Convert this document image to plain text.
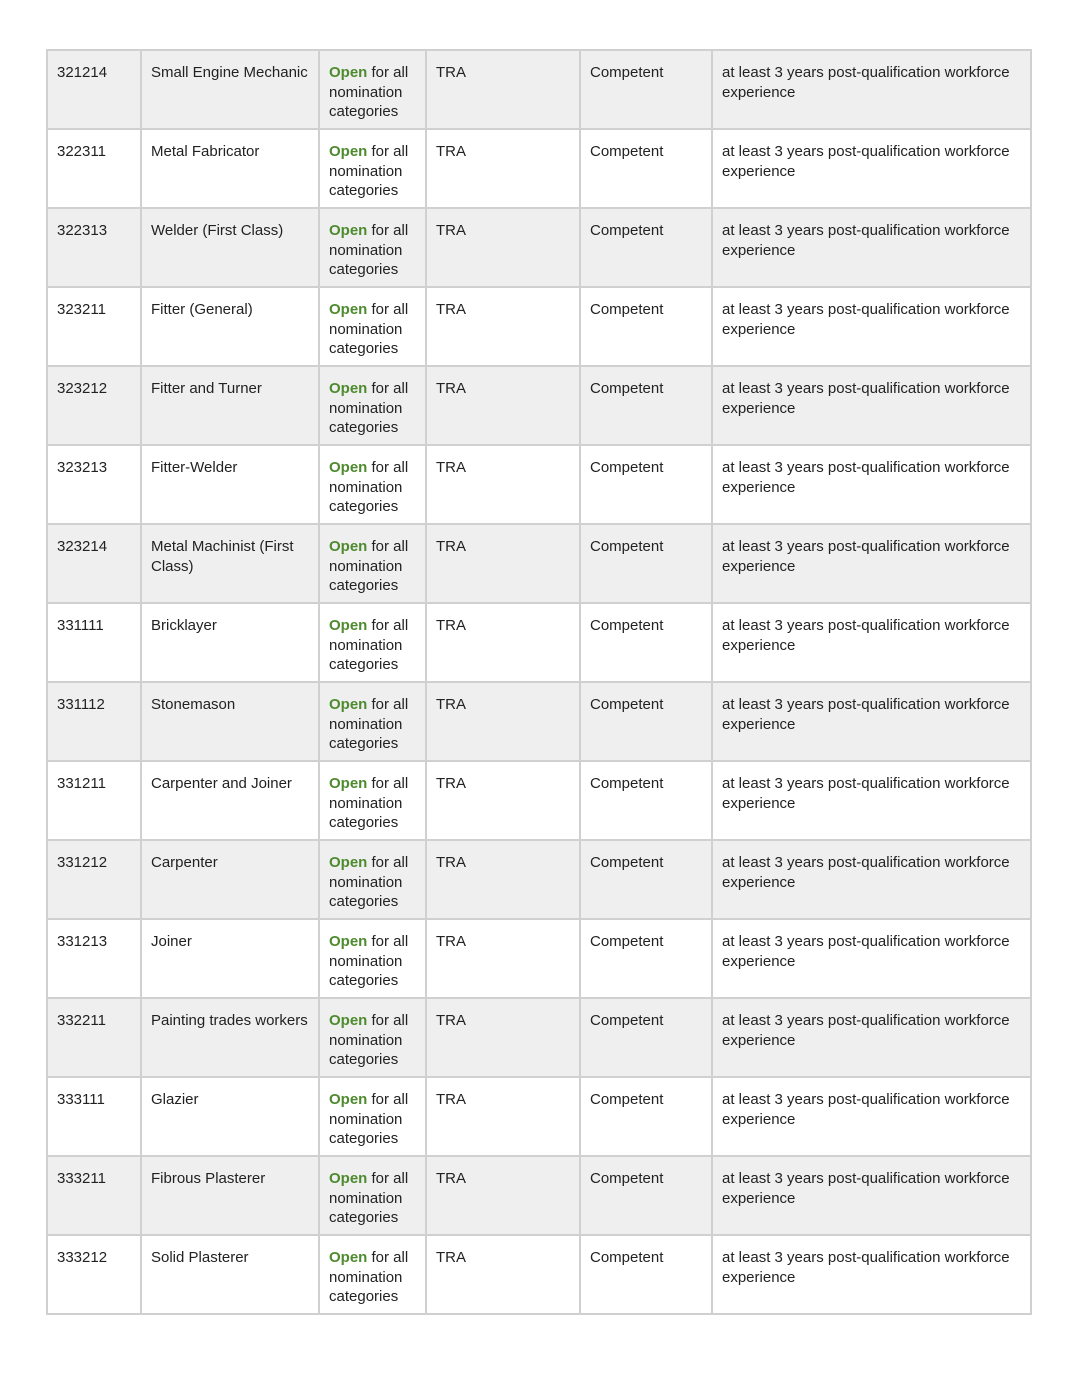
321214	Small Engine Mechanic	Open for all nomination categories	TRA	Competent	at least 3 years post-qualification workforce experience
322311	Metal Fabricator	Open for all nomination categories	TRA	Competent	at least 3 years post-qualification workforce experience
322313	Welder (First Class)	Open for all nomination categories	TRA	Competent	at least 3 years post-qualification workforce experience
323211	Fitter (General)	Open for all nomination categories	TRA	Competent	at least 3 years post-qualification workforce experience
323212	Fitter and Turner	Open for all nomination categories	TRA	Competent	at least 3 years post-qualification workforce experience
323213	Fitter-Welder	Open for all nomination categories	TRA	Competent	at least 3 years post-qualification workforce experience
323214	Metal Machinist (First Class)	Open for all nomination categories	TRA	Competent	at least 3 years post-qualification workforce experience
331111	Bricklayer	Open for all nomination categories	TRA	Competent	at least 3 years post-qualification workforce experience
331112	Stonemason	Open for all nomination categories	TRA	Competent	at least 3 years post-qualification workforce experience
331211	Carpenter and Joiner	Open for all nomination categories	TRA	Competent	at least 3 years post-qualification workforce experience
331212	Carpenter	Open for all nomination categories	TRA	Competent	at least 3 years post-qualification workforce experience
331213	Joiner	Open for all nomination categories	TRA	Competent	at least 3 years post-qualification workforce experience
332211	Painting trades workers	Open for all nomination categories	TRA	Competent	at least 3 years post-qualification workforce experience
333111	Glazier	Open for all nomination categories	TRA	Competent	at least 3 years post-qualification workforce experience
333211	Fibrous Plasterer	Open for all nomination categories	TRA	Competent	at least 3 years post-qualification workforce experience
333212	Solid Plasterer	Open for all nomination categories	TRA	Competent	at least 3 years post-qualification workforce experience
